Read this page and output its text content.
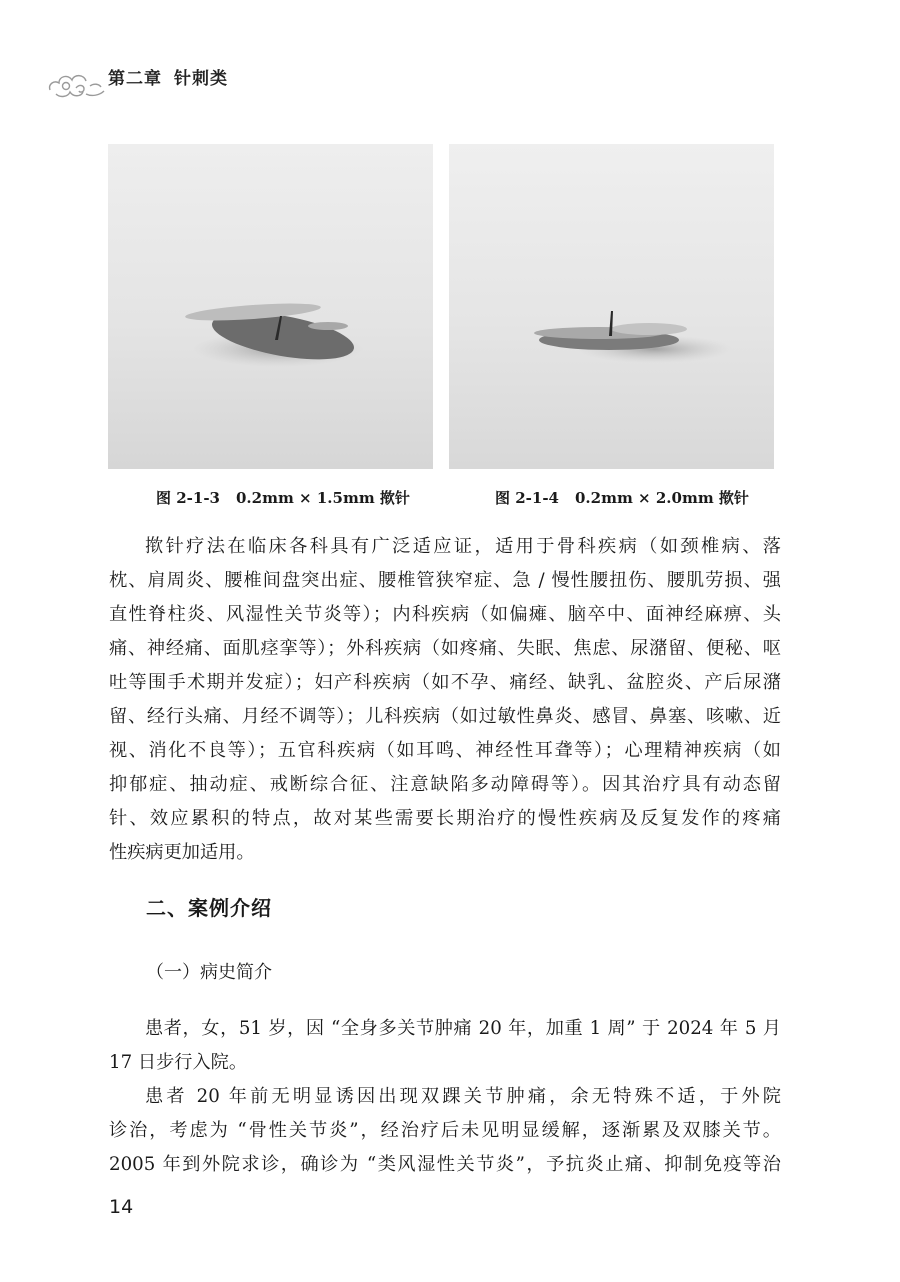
第二章 针刺类
图 2-1-3 0.2mm × 1.5mm 揿针	图 2-1-4 0.2mm × 2.0mm 揿针
揿针疗法在临床各科具有广泛适应证，适用于骨科疾病（如颈椎病、落
枕、肩周炎、腰椎间盘突出症、腰椎管狭窄症、急 / 慢性腰扭伤、腰肌劳损、强
直性脊柱炎、风湿性关节炎等）；内科疾病（如偏瘫、脑卒中、面神经麻痹、头
痛、神经痛、面肌痉挛等）；外科疾病（如疼痛、失眠、焦虑、尿潴留、便秘、呕
吐等围手术期并发症）；妇产科疾病（如不孕、痛经、缺乳、盆腔炎、产后尿潴
留、经行头痛、月经不调等）；儿科疾病（如过敏性鼻炎、感冒、鼻塞、咳嗽、近
视、消化不良等）；五官科疾病（如耳鸣、神经性耳聋等）；心理精神疾病（如
抑郁症、抽动症、戒断综合征、注意缺陷多动障碍等）。因其治疗具有动态留
针、效应累积的特点，故对某些需要长期治疗的慢性疾病及反复发作的疼痛
性疾病更加适用。
二、案例介绍
（一）病史简介
患者，女，51 岁，因 “全身多关节肿痛 20 年，加重 1 周” 于 2024 年 5 月
17 日步行入院。
患者 20 年前无明显诱因出现双踝关节肿痛，余无特殊不适，于外院
诊治，考虑为 “骨性关节炎”，经治疗后未见明显缓解，逐渐累及双膝关节。
2005 年到外院求诊，确诊为 “类风湿性关节炎”，予抗炎止痛、抑制免疫等治
14
